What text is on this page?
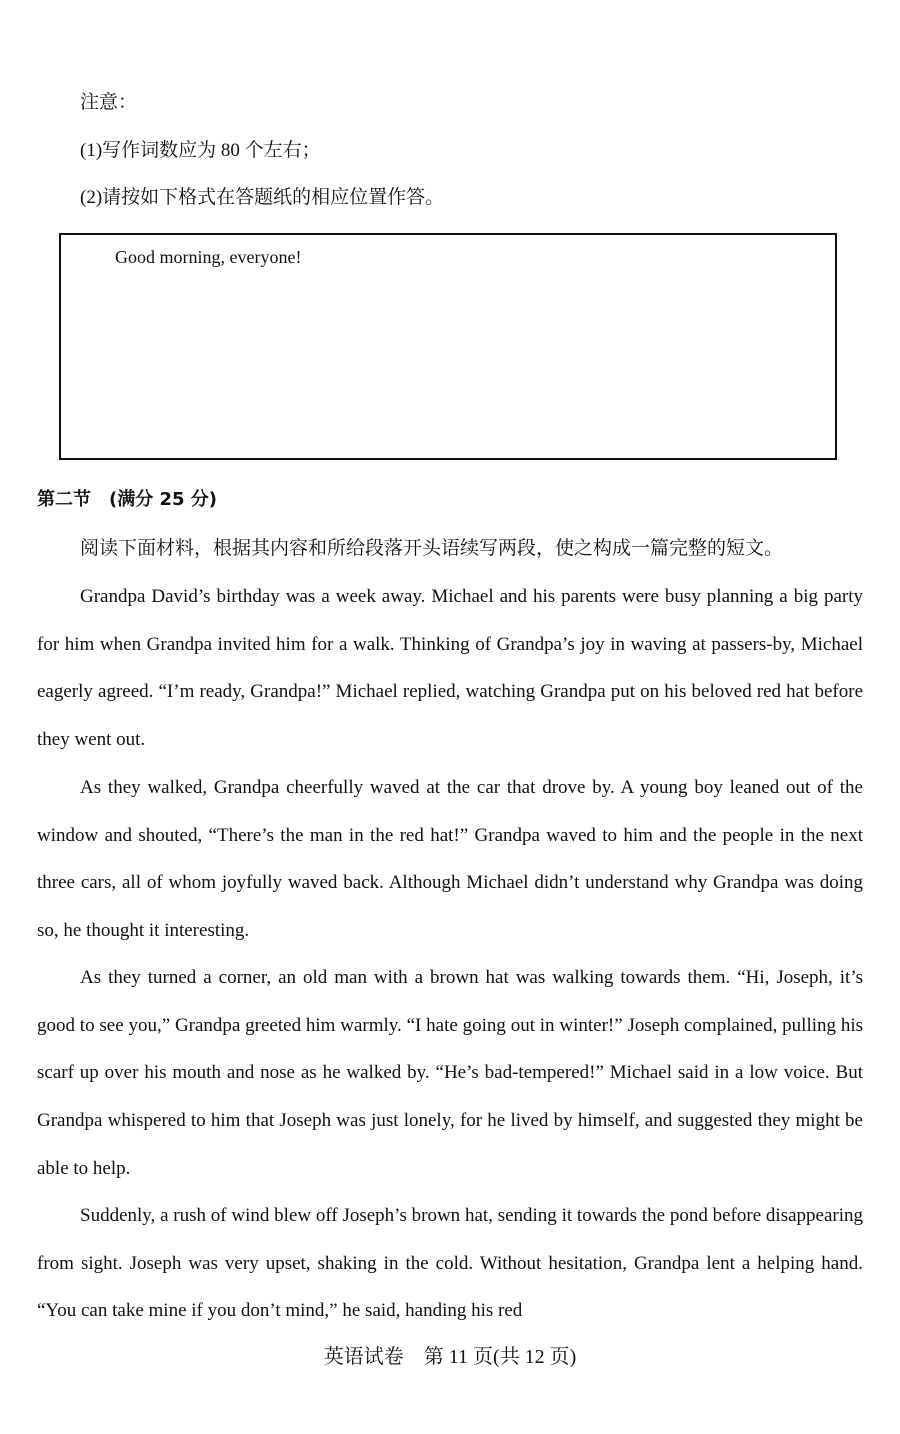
注意：
(1)写作词数应为 80 个左右；
(2)请按如下格式在答题纸的相应位置作答。
Good morning, everyone!
第二节　(满分 25 分)
阅读下面材料，根据其内容和所给段落开头语续写两段，使之构成一篇完整的短文。
Grandpa David’s birthday was a week away. Michael and his parents were busy planning a big party for him when Grandpa invited him for a walk. Thinking of Grandpa’s joy in waving at passers-by, Michael eagerly agreed. “I’m ready, Grandpa!” Michael replied, watching Grandpa put on his beloved red hat before they went out.
As they walked, Grandpa cheerfully waved at the car that drove by. A young boy leaned out of the window and shouted, “There’s the man in the red hat!” Grandpa waved to him and the people in the next three cars, all of whom joyfully waved back. Although Michael didn’t understand why Grandpa was doing so, he thought it interesting.
As they turned a corner, an old man with a brown hat was walking towards them. “Hi, Joseph, it’s good to see you,” Grandpa greeted him warmly. “I hate going out in winter!” Joseph complained, pulling his scarf up over his mouth and nose as he walked by. “He’s bad-tempered!” Michael said in a low voice. But Grandpa whispered to him that Joseph was just lonely, for he lived by himself, and suggested they might be able to help.
Suddenly, a rush of wind blew off Joseph’s brown hat, sending it towards the pond before disappearing from sight. Joseph was very upset, shaking in the cold. Without hesitation, Grandpa lent a helping hand. “You can take mine if you don’t mind,” he said, handing his red
英语试卷　第 11 页(共 12 页)
